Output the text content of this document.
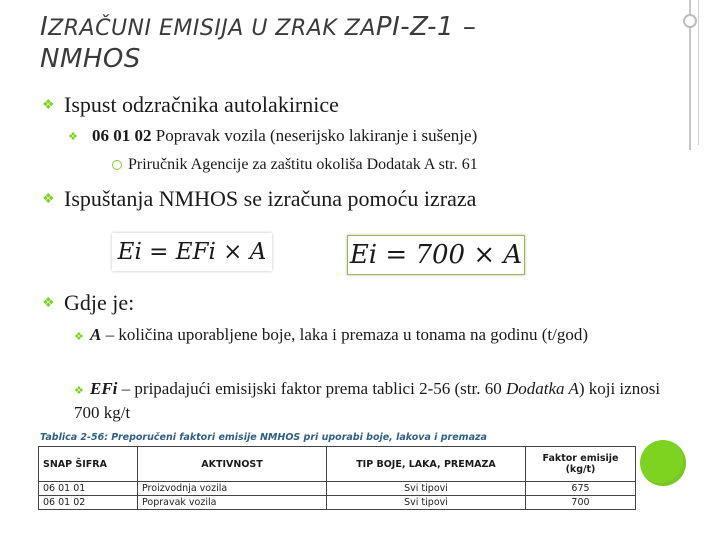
IZRAČUNI EMISIJA U ZRAK ZAPI-Z-1 –
NMHOS
❖ Ispust odzračnika autolakirnice
❖ 06 01 02
Popravak vozila (neserijsko lakiranje i sušenje)
Priručnik Agencije za zaštitu okoliša Dodatak A str. 61
❖ Ispuštanja NMHOS se izračuna pomoću izraza
Ei = EFi × A	Ei = 700 × A
❖ Gdje je:
❖ A – količina uporabljene boje, laka i premaza u tonama na godinu (t/god)
❖ EFi – pripadajući emisijski faktor prema tablici 2‐56 (str. 60 Dodatka A) koji iznosi 700 kg/t
Tablica 2-56: Preporučeni faktori emisije NMHOS pri uporabi boje, lakova i premaza
SNAP ŠIFRA	AKTIVNOST	TIP BOJE, LAKA, PREMAZA	Faktor emisije (kg/t)
06 01 01	Proizvodnja vozila	Svi tipovi	675
06 01 02	Popravak vozila	Svi tipovi	700
